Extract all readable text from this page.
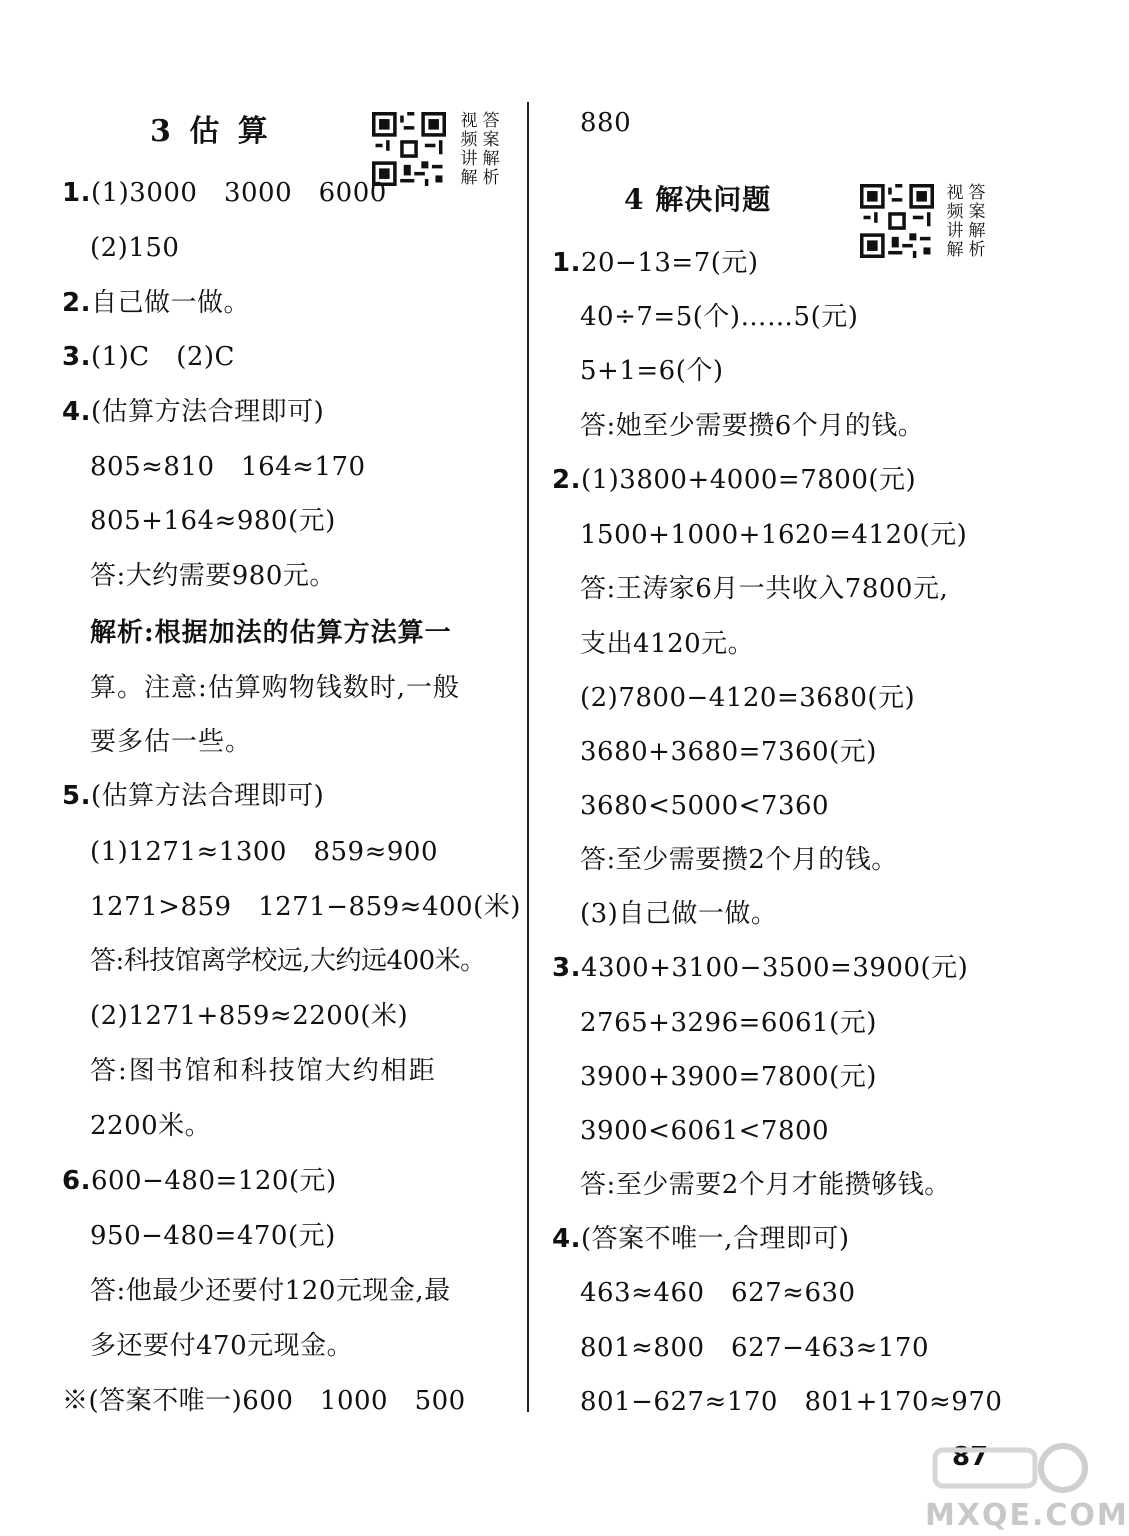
3 估 算	视 答
频 案
讲 解
解 析
1.(1)3000　3000　6000
(2)150
2.自己做一做。
3.(1)C　(2)C
4.(估算方法合理即可)
805≈810　164≈170
805+164≈980(元)
答:大约需要980元。
解析:根据加法的估算方法算一
算。注意:估算购物钱数时,一般
要多估一些。
5.(估算方法合理即可)
(1)1271≈1300　859≈900
1271>859　1271−859≈400(米)
答:科技馆离学校远,大约远400米。
(2)1271+859≈2200(米)
答:图书馆和科技馆大约相距
2200米。
6.600−480=120(元)
950−480=470(元)
答:他最少还要付120元现金,最
多还要付470元现金。
※(答案不唯一)600　1000　500
880
4 解决问题	视 答
频 案
讲 解
解 析
1.20−13=7(元)
40÷7=5(个)……5(元)
5+1=6(个)
答:她至少需要攒6个月的钱。
2.(1)3800+4000=7800(元)
1500+1000+1620=4120(元)
答:王涛家6月一共收入7800元,
支出4120元。
(2)7800−4120=3680(元)
3680+3680=7360(元)
3680<5000<7360
答:至少需要攒2个月的钱。
(3)自己做一做。
3.4300+3100−3500=3900(元)
2765+3296=6061(元)
3900+3900=7800(元)
3900<6061<7800
答:至少需要2个月才能攒够钱。
4.(答案不唯一,合理即可)
463≈460　627≈630
801≈800　627−463≈170
801−627≈170　801+170≈970
87
MXQE.COM
